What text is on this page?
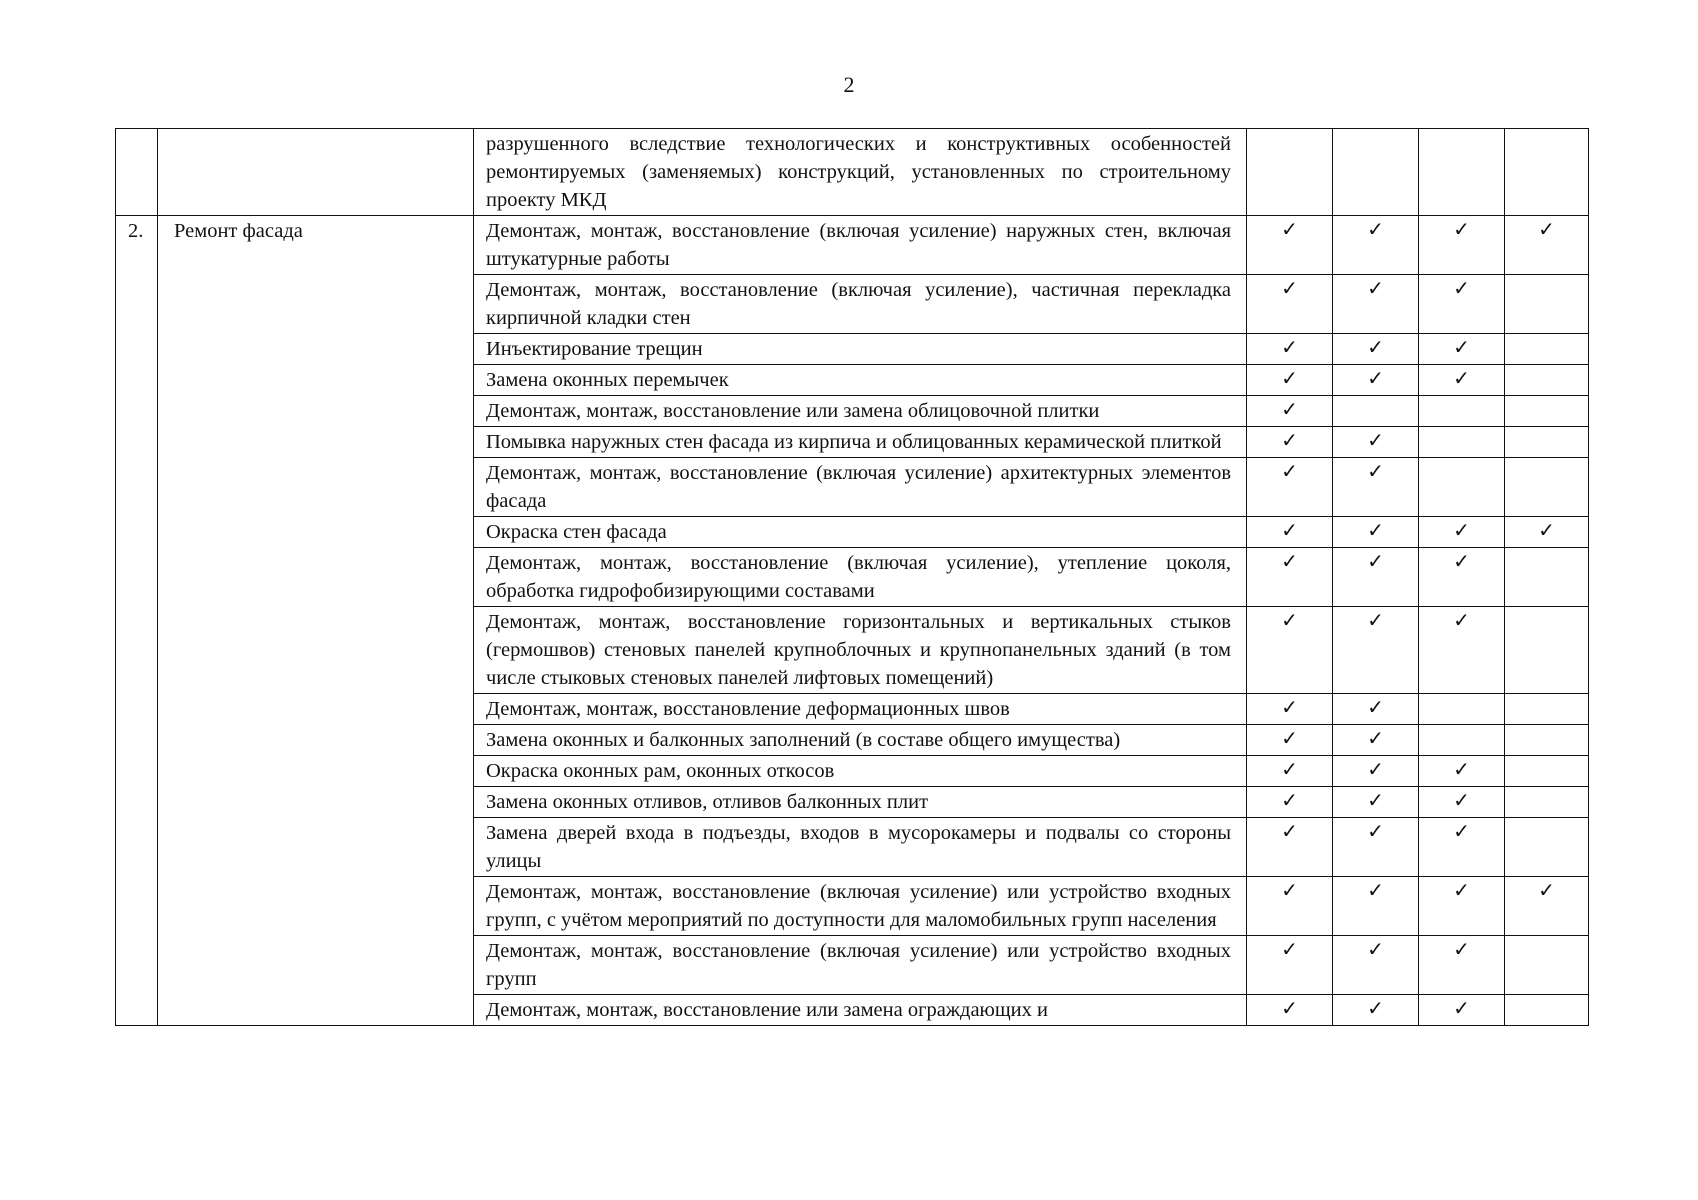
2
		разрушенного вследствие технологических и конструктивных особенностей ремонтируемых (заменяемых) конструкций, установленных по строительному проекту МКД				
2.	Ремонт фасада	Демонтаж, монтаж, восстановление (включая усиление) наружных стен, включая штукатурные работы	✓	✓	✓	✓
		Демонтаж, монтаж, восстановление (включая усиление), частичная перекладка кирпичной кладки стен	✓	✓	✓	
		Инъектирование трещин	✓	✓	✓	
		Замена оконных перемычек	✓	✓	✓	
		Демонтаж, монтаж, восстановление или замена облицовочной плитки	✓			
		Помывка наружных стен фасада из кирпича и облицованных керамической плиткой	✓	✓		
		Демонтаж, монтаж, восстановление (включая усиление) архитектурных элементов фасада	✓	✓		
		Окраска стен фасада	✓	✓	✓	✓
		Демонтаж, монтаж, восстановление (включая усиление), утепление цоколя, обработка гидрофобизирующими составами	✓	✓	✓	
		Демонтаж, монтаж, восстановление горизонтальных и вертикальных стыков (гермошвов) стеновых панелей крупноблочных и крупнопанельных зданий (в том числе стыковых стеновых панелей лифтовых помещений)	✓	✓	✓	
		Демонтаж, монтаж, восстановление деформационных швов	✓	✓		
		Замена оконных и балконных заполнений (в составе общего имущества)	✓	✓		
		Окраска оконных рам, оконных откосов	✓	✓	✓	
		Замена оконных отливов, отливов балконных плит	✓	✓	✓	
		Замена дверей входа в подъезды, входов в мусорокамеры и подвалы со стороны улицы	✓	✓	✓	
		Демонтаж, монтаж, восстановление (включая усиление) или устройство входных групп, с учётом мероприятий по доступности для маломобильных групп населения	✓	✓	✓	✓
		Демонтаж, монтаж, восстановление (включая усиление) или устройство входных групп	✓	✓	✓	
		Демонтаж, монтаж, восстановление или замена ограждающих и	✓	✓	✓	
